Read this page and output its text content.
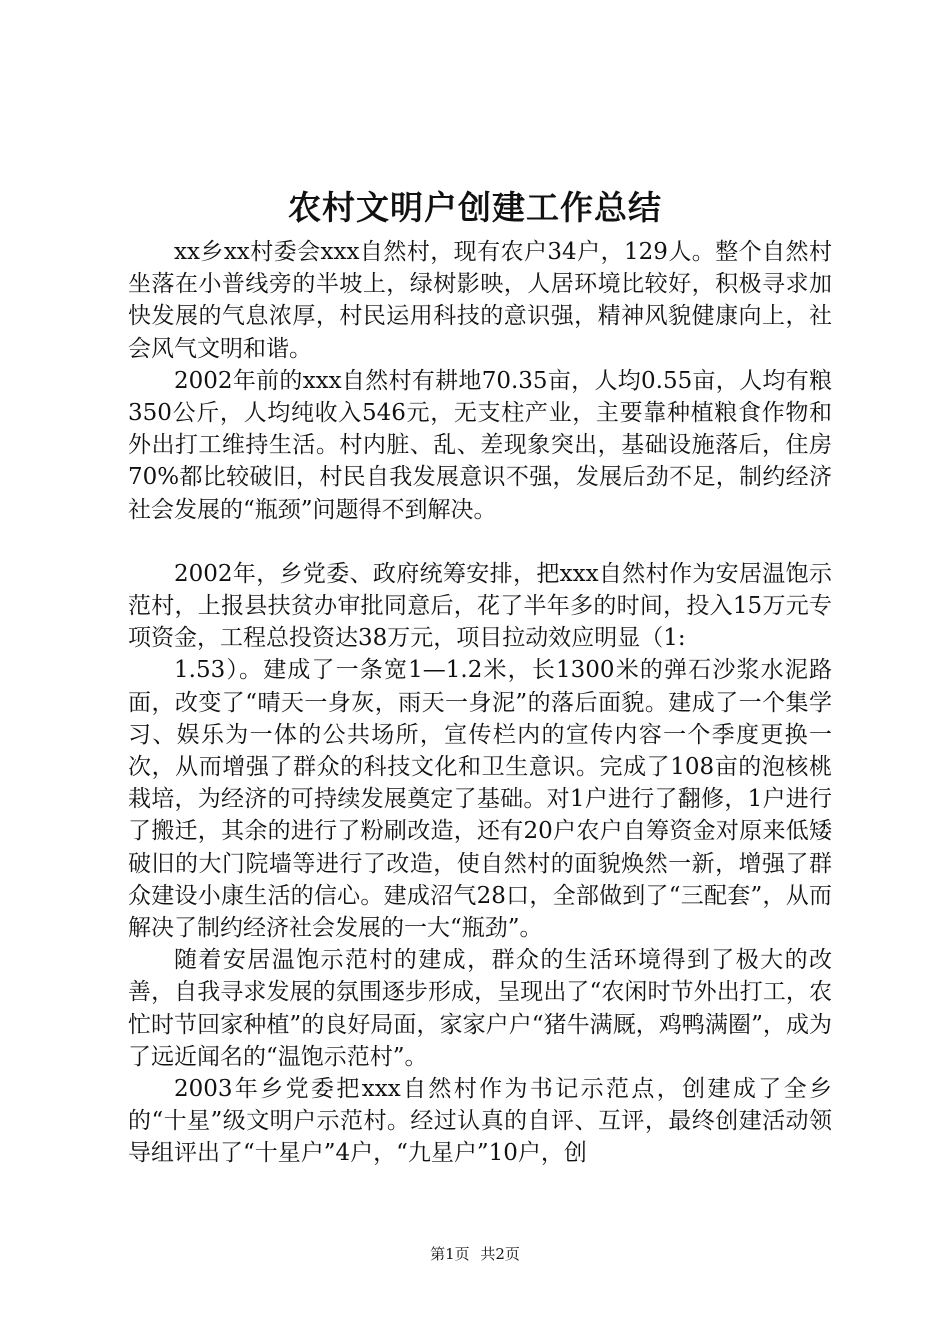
农村文明户创建工作总结

xx乡xx村委会xxx自然村，现有农户34户，129人。整个自然村坐落在小普线旁的半坡上，绿树影映，人居环境比较好，积极寻求加快发展的气息浓厚，村民运用科技的意识强，精神风貌健康向上，社会风气文明和谐。

2002年前的xxx自然村有耕地70.35亩，人均0.55亩，人均有粮350公斤，人均纯收入546元，无支柱产业，主要靠种植粮食作物和外出打工维持生活。村内脏、乱、差现象突出，基础设施落后，住房70%都比较破旧，村民自我发展意识不强，发展后劲不足，制约经济社会发展的“瓶颈”问题得不到解决。

2002年，乡党委、政府统筹安排，把xxx自然村作为安居温饱示范村，上报县扶贫办审批同意后，花了半年多的时间，投入15万元专项资金，工程总投资达38万元，项目拉动效应明显（1:

1.53）。建成了一条宽1—1.2米，长1300米的弹石沙浆水泥路面，改变了“晴天一身灰，雨天一身泥”的落后面貌。建成了一个集学习、娱乐为一体的公共场所，宣传栏内的宣传内容一个季度更换一次，从而增强了群众的科技文化和卫生意识。完成了108亩的泡核桃栽培，为经济的可持续发展奠定了基础。对1户进行了翻修，1户进行了搬迁，其余的进行了粉刷改造，还有20户农户自筹资金对原来低矮破旧的大门院墙等进行了改造，使自然村的面貌焕然一新，增强了群众建设小康生活的信心。建成沼气28口，全部做到了“三配套”，从而解决了制约经济社会发展的一大“瓶劲”。

随着安居温饱示范村的建成，群众的生活环境得到了极大的改善，自我寻求发展的氛围逐步形成，呈现出了“农闲时节外出打工，农忙时节回家种植”的良好局面，家家户户“猪牛满厩，鸡鸭满圈”，成为了远近闻名的“温饱示范村”。

2003年乡党委把xxx自然村作为书记示范点，创建成了全乡的“十星”级文明户示范村。经过认真的自评、互评，最终创建活动领导组评出了“十星户”4户，“九星户”10户，创

第1页 共2页
